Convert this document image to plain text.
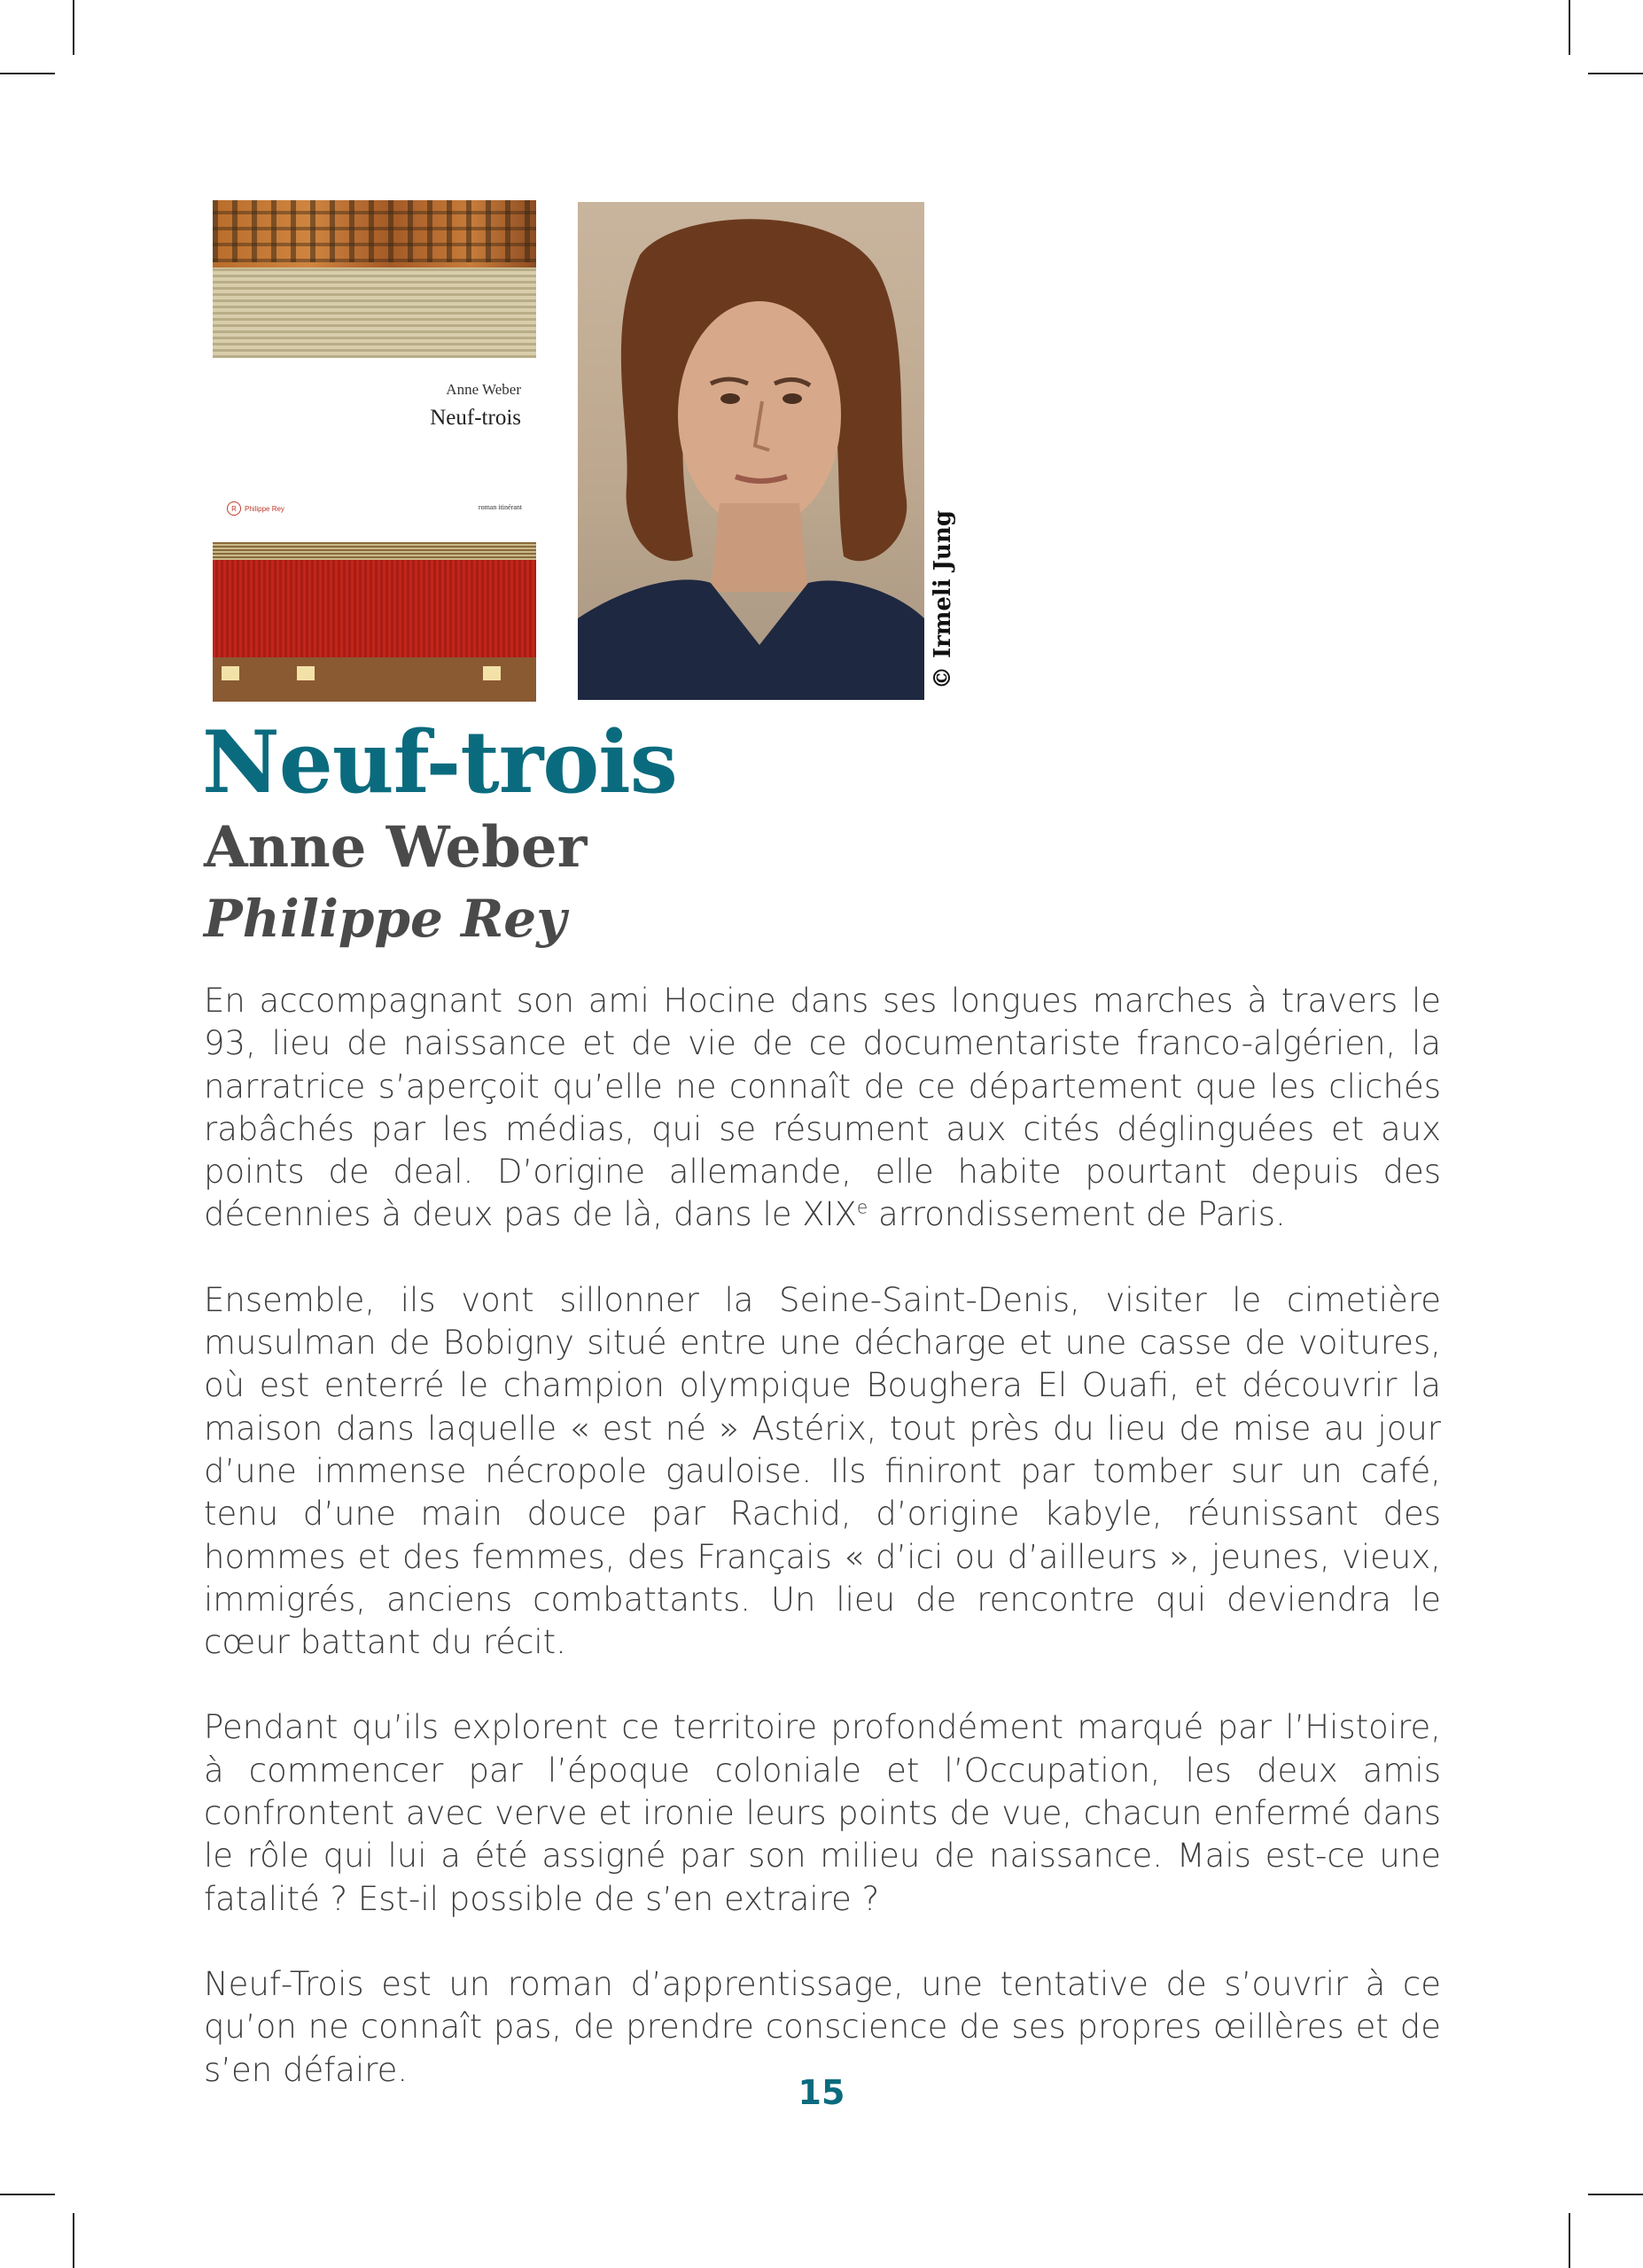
Anne Weber
Neuf-trois
R	Philippe Rey	roman itinérant
© Irmeli Jung
Neuf-trois
Anne Weber
Philippe Rey

En accompagnant son ami Hocine dans ses longues marches à travers le 93, lieu de naissance et de vie de ce documentariste franco-algérien, la narratrice s’aperçoit qu’elle ne connaît de ce département que les clichés rabâchés par les médias, qui se résument aux cités déglinguées et aux points de deal. D’origine allemande, elle habite pourtant depuis des décennies à deux pas de là, dans le XIXe arrondissement de Paris.

Ensemble, ils vont sillonner la Seine-Saint-Denis, visiter le cimetière musulman de Bobigny situé entre une décharge et une casse de voitures, où est enterré le champion olympique Boughera El Ouafi, et découvrir la maison dans laquelle « est né » Astérix, tout près du lieu de mise au jour d’une immense nécropole gauloise. Ils finiront par tomber sur un café, tenu d’une main douce par Rachid, d’origine kabyle, réunissant des hommes et des femmes, des Français « d’ici ou d’ailleurs », jeunes, vieux, immigrés, anciens combattants. Un lieu de rencontre qui deviendra le cœur battant du récit.

Pendant qu’ils explorent ce territoire profondément marqué par l’Histoire, à commencer par l’époque coloniale et l’Occupation, les deux amis confrontent avec verve et ironie leurs points de vue, chacun enfermé dans le rôle qui lui a été assigné par son milieu de naissance. Mais est-ce une fatalité ? Est-il possible de s’en extraire ?

Neuf-Trois est un roman d’apprentissage, une tentative de s’ouvrir à ce qu’on ne connaît pas, de prendre conscience de ses propres œillères et de s’en défaire.

15
